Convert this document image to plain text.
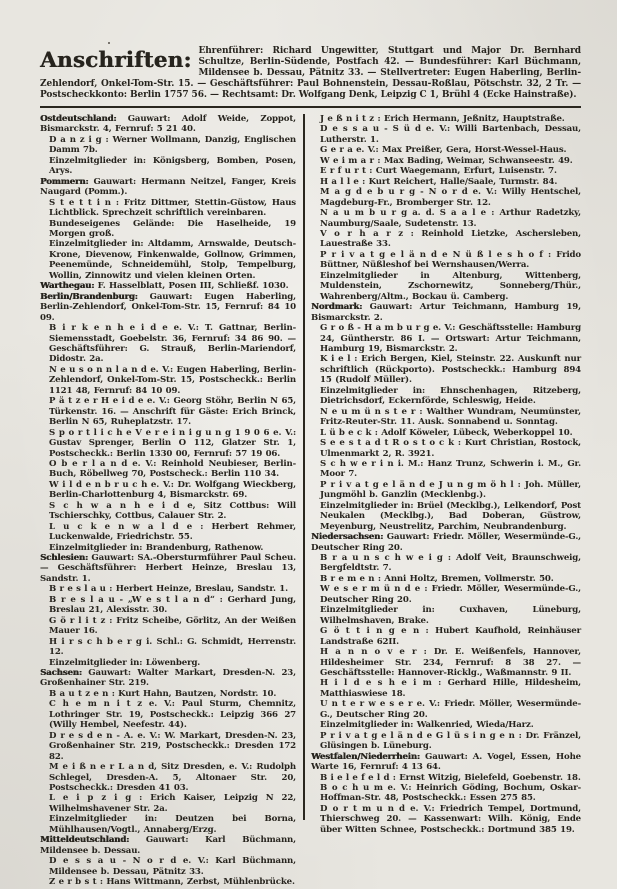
Anschriften: Ehrenführer: Richard Ungewitter, Stuttgart und Major Dr. Bernhard Schultze, Berlin-Südende, Postfach 42. — Bundesführer: Karl Büchmann, Mildensee b. Dessau, Pätnitz 33. — Stellvertreter: Eugen Haberling, Berlin-Zehlendorf, Onkel-Tom-Str. 15. — Geschäftsführer: Paul Bohnenstein, Dessau-Roßlau, Pötschstr. 32, 2 Tr. — Postscheckkonto: Berlin 1757 56. — Rechtsamt: Dr. Wolfgang Denk, Leipzig C 1, Brühl 4 (Ecke Hainstraße).

Ostdeutschland: Gauwart: Adolf Weide, Zoppot, Bismarckstr. 4, Fernruf: 5 21 40.

D a n z i g : Werner Wollmann, Danzig, Englischen Damm 7b.

Einzelmitglieder in: Königsberg, Bomben, Posen, Arys.

Pommern: Gauwart: Hermann Neitzel, Fanger, Kreis Naugard (Pomm.).

S t e t t i n : Fritz Dittmer, Stettin-Güstow, Haus Lichtblick. Sprechzeit schriftlich vereinbaren.

Bundeseigenes Gelände: Die Haselheide, 19 Morgen groß.

Einzelmitglieder in: Altdamm, Arnswalde, Deutsch-Krone, Dievenow, Finkenwalde, Gollnow, Grimmen, Peenemünde, Schneidemühl, Stolp, Tempelburg, Wollin, Zinnowitz und vielen kleinen Orten.

Warthegau: F. Hasselblatt, Posen III, Schließf. 1030.

Berlin/Brandenburg: Gauwart: Eugen Haberling, Berlin-Zehlendorf, Onkel-Tom-Str. 15, Fernruf: 84 10 09.

B i r k e n h e i d e e. V.: T. Gattnar, Berlin-Siemensstadt, Goebelstr. 36, Fernruf: 34 86 90. — Geschäftsführer: G. Strauß, Berlin-Mariendorf, Didostr. 2a.

N e u s o n n l a n d e. V.: Eugen Haberling, Berlin-Zehlendorf, Onkel-Tom-Str. 15, Postscheckk.: Berlin 1121 48, Fernruf: 84 10 09.

P ä t z e r H e i d e e. V.: Georg Stöhr, Berlin N 65, Türkenstr. 16. — Anschrift für Gäste: Erich Brinck, Berlin N 65, Ruheplatzstr. 17.

S p o r t l i c h e V e r e i n i g u n g 1 9 0 6 e. V.: Gustav Sprenger, Berlin O 112, Glatzer Str. 1, Postscheckk.: Berlin 1330 00, Fernruf: 57 19 06.

O b e r l a n d e. V.: Reinhold Neubieser, Berlin-Buch, Röbellweg 70, Postscheck.: Berlin 110 34.

W i l d e n b r u c h e. V.: Dr. Wolfgang Wieckberg, Berlin-Charlottenburg 4, Bismarckstr. 69.

S c h w a n h e i d e, Sitz Cottbus: Will Tschierschky, Cottbus, Calauer Str. 2.

L u c k e n w a l d e : Herbert Rehmer, Luckenwalde, Friedrichstr. 55.

Einzelmitglieder in: Brandenburg, Rathenow.

Schlesien: Gauwart: SA.-Obersturmführer Paul Scheu. — Geschäftsführer: Herbert Heinze, Breslau 13, Sandstr. 1.

B r e s l a u : Herbert Heinze, Breslau, Sandstr. 1.

B r e s l a u - „W e s t l a n d“ : Gerhard Jung, Breslau 21, Alexisstr. 30.

G ö r l i t z : Fritz Scheibe, Görlitz, An der Weißen Mauer 16.

H i r s c h b e r g i. Schl.: G. Schmidt, Herrenstr. 12.

Einzelmitglieder in: Löwenberg.

Sachsen: Gauwart: Walter Markart, Dresden-N. 23, Großenhainer Str. 219.

B a u t z e n : Kurt Hahn, Bautzen, Nordstr. 10.

C h e m n i t z e. V.: Paul Sturm, Chemnitz, Lothringer Str. 19, Postscheckk.: Leipzig 366 27 (Willy Hembel, Neefestr. 44).

D r e s d e n - A. e. V.: W. Markart, Dresden-N. 23, Großenhainer Str. 219, Postscheckk.: Dresden 172 82.

M e i ß n e r L a n d, Sitz Dresden, e. V.: Rudolph Schlegel, Dresden-A. 5, Altonaer Str. 20, Postscheckk.: Dresden 41 03.

L e i p z i g : Erich Kaiser, Leipzig N 22, Wilhelmshavener Str. 2a.

Einzelmitglieder in: Deutzen bei Borna, Mühlhausen/Vogtl., Annaberg/Erzg.

Mitteldeutschland: Gauwart: Karl Büchmann, Mildensee b. Dessau.

D e s s a u - N o r d e. V.: Karl Büchmann, Mildensee b. Dessau, Pätnitz 33.

Z e r b s t : Hans Wittmann, Zerbst, Mühlenbrücke.

J e ß n i t z : Erich Hermann, Jeßnitz, Hauptstraße.

D e s s a u - S ü d e. V.: Willi Bartenbach, Dessau, Lutherstr. 1.

G e r a e. V.: Max Preißer, Gera, Horst-Wessel-Haus.

W e i m a r : Max Bading, Weimar, Schwanseestr. 49.

E r f u r t : Curt Waegemann, Erfurt, Luisenstr. 7.

H a l l e : Kurt Reichert, Halle/Saale, Turmstr. 84.

M a g d e b u r g - N o r d e. V.: Willy Hentschel, Magdeburg-Fr., Bromberger Str. 12.

N a u m b u r g a. d. S a a l e : Arthur Radetzky, Naumburg/Saale, Sudetenstr. 13.

V o r h a r z : Reinhold Lietzke, Aschersleben, Lauestraße 33.

P r i v a t g e l ä n d e N ü ß l e s h o f : Frido Büttner, Nüßleshof bei Wernshausen/Werra.

Einzelmitglieder in	Altenburg, Wittenberg, Muldenstein, Zschornewitz, Sonneberg/Thür., Wahrenberg/Altm., Bockau ü. Camberg.

Nordmark: Gauwart: Artur Teichmann, Hamburg 19, Bismarckstr. 2.

G r o ß - H a m b u r g e. V.: Geschäftsstelle: Hamburg 24, Güntherstr. 86 I. — Ortswart: Artur Teichmann, Hamburg 19, Bismarckstr. 2.

K i e l : Erich Bergen, Kiel, Steinstr. 22. Auskunft nur schriftlich (Rückporto). Postscheckk.: Hamburg 894 15 (Rudolf Müller).

Einzelmitglieder in: Ehnschenhagen, Ritzeberg, Dietrichsdorf, Eckernförde, Schleswig, Heide.

N e u m ü n s t e r : Walther Wundram, Neumünster, Fritz-Reuter-Str. 11. Ausk. Sonnabend u. Sonntag.

L ü b e c k : Adolf Köweler, Lübeck, Weberkoppel 10.

S e e s t a d t R o s t o c k : Kurt Christian, Rostock, Ulmenmarkt 2, R. 3921.

S c h w e r i n i. M.: Hanz Trunz, Schwerin i. M., Gr. Moor 7.

P r i v a t g e l ä n d e J u n g m ö h l : Joh. Müller, Jungmöhl b. Ganzlin (Mecklenbg.).

Einzelmitglieder in: Brüel (Mecklbg.), Lelkendorf, Post Neukalen (Mecklbg.), Bad Doberan, Güstrow, Meyenburg, Neustrelitz, Parchim, Neubrandenburg.

Niedersachsen: Gauwart: Friedr. Möller, Wesermünde-G., Deutscher Ring 20.

B r a u n s c h w e i g : Adolf Veit, Braunschweig, Bergfeldtstr. 7.

B r e m e n : Anni Holtz, Bremen, Vollmerstr. 50.

W e s e r m ü n d e : Friedr. Möller, Wesermünde-G., Deutscher Ring 20.

Einzelmitglieder in:	Cuxhaven, Lüneburg, Wilhelmshaven, Brake.

G ö t t i n g e n : Hubert Kaufhold, Reinhäuser Landstraße 62II.

H a n n o v e r : Dr. E. Weißenfels, Hannover, Hildesheimer Str. 234, Fernruf: 8 38 27. — Geschäftsstelle: Hannover-Ricklg., Waßmannstr. 9 II.

H i l d e s h e i m : Gerhard Hille, Hildesheim, Matthiaswiese 18.

U n t e r w e s e r e. V.: Friedr. Möller, Wesermünde-G., Deutscher Ring 20.

Einzelmitglieder in: Walkenried, Wieda/Harz.

P r i v a t g e l ä n d e G l ü s i n g e n : Dr. Fränzel, Glüsingen b. Lüneburg.

Westfalen/Niederrhein: Gauwart: A. Vogel, Essen, Hohe Warte 16, Fernruf: 4 13 64.

B i e l e f e l d : Ernst Witzig, Bielefeld, Goebenstr. 18.

B o c h u m e. V.: Heinrich Göding, Bochum, Oskar-Hoffman-Str. 48, Postscheckk.: Essen 275 85.

D o r t m u n d e. V.: Friedrich Tempel, Dortmund, Thierschweg 20. — Kassenwart: Wilh. König, Ende über Witten Schnee, Postscheckk.: Dortmund 385 19.
